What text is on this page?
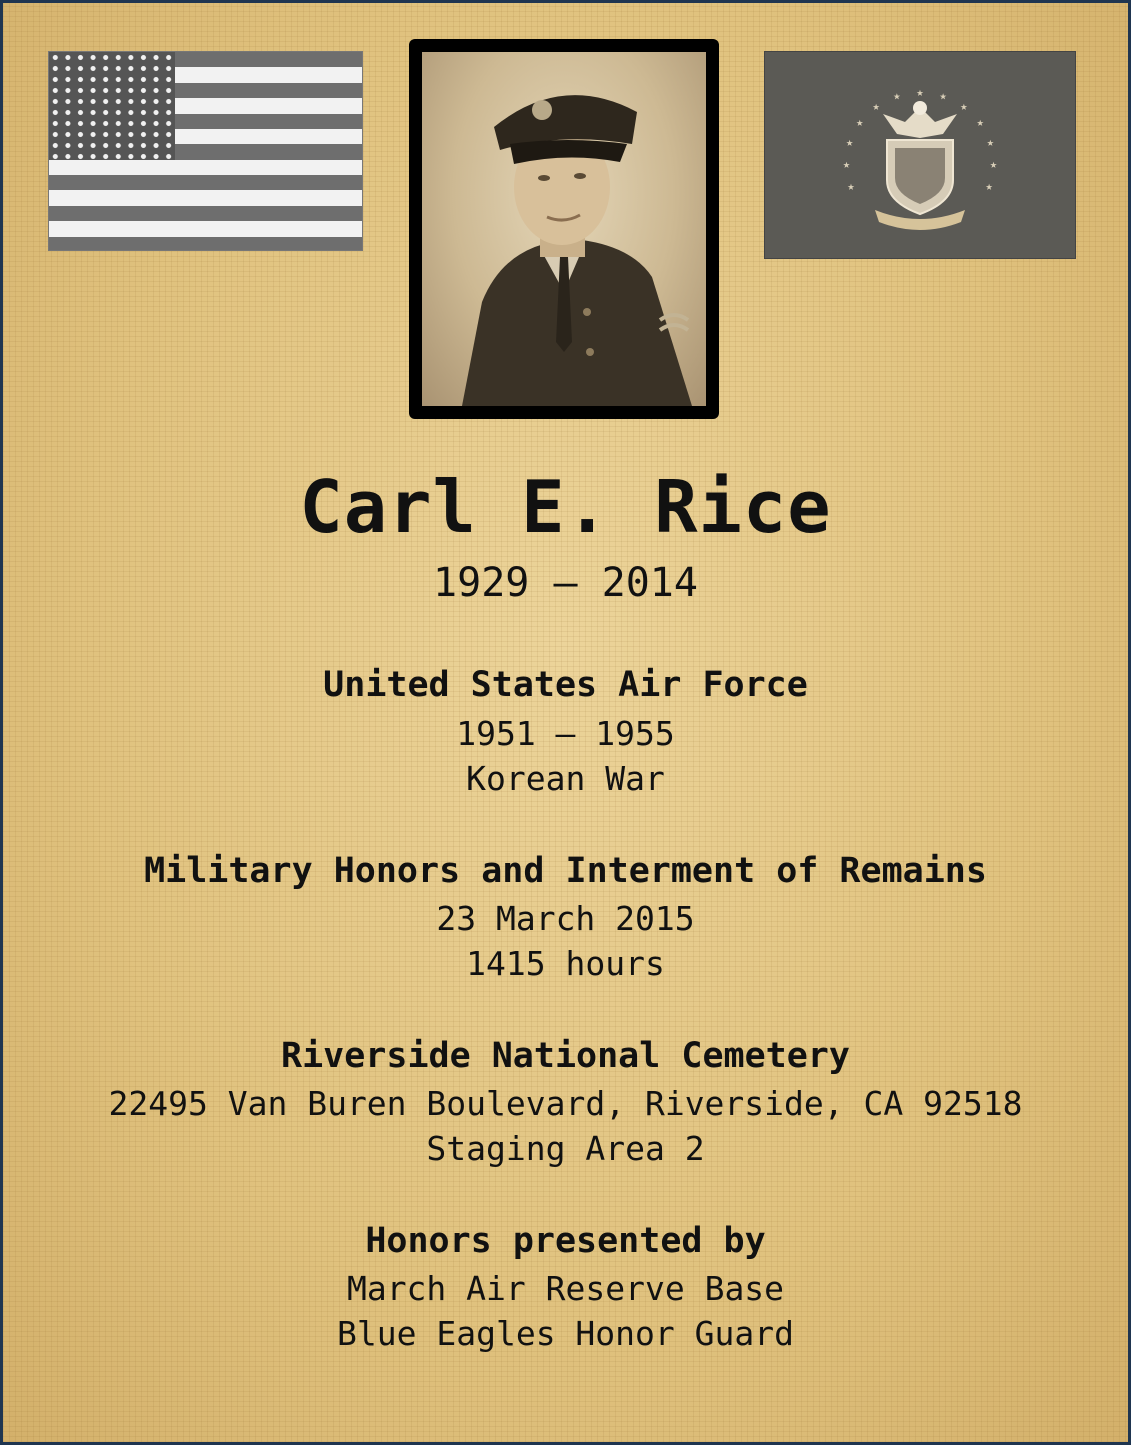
★
★
★
★
★
★ ★ ★
★
★
★
★
★
Carl E. Rice
1929 – 2014
United States Air Force
1951 – 1955
Korean War
Military Honors and Interment of Remains
23 March 2015
1415 hours
Riverside National Cemetery
22495 Van Buren Boulevard, Riverside, CA 92518
Staging Area 2
Honors presented by
March Air Reserve Base
Blue Eagles Honor Guard
